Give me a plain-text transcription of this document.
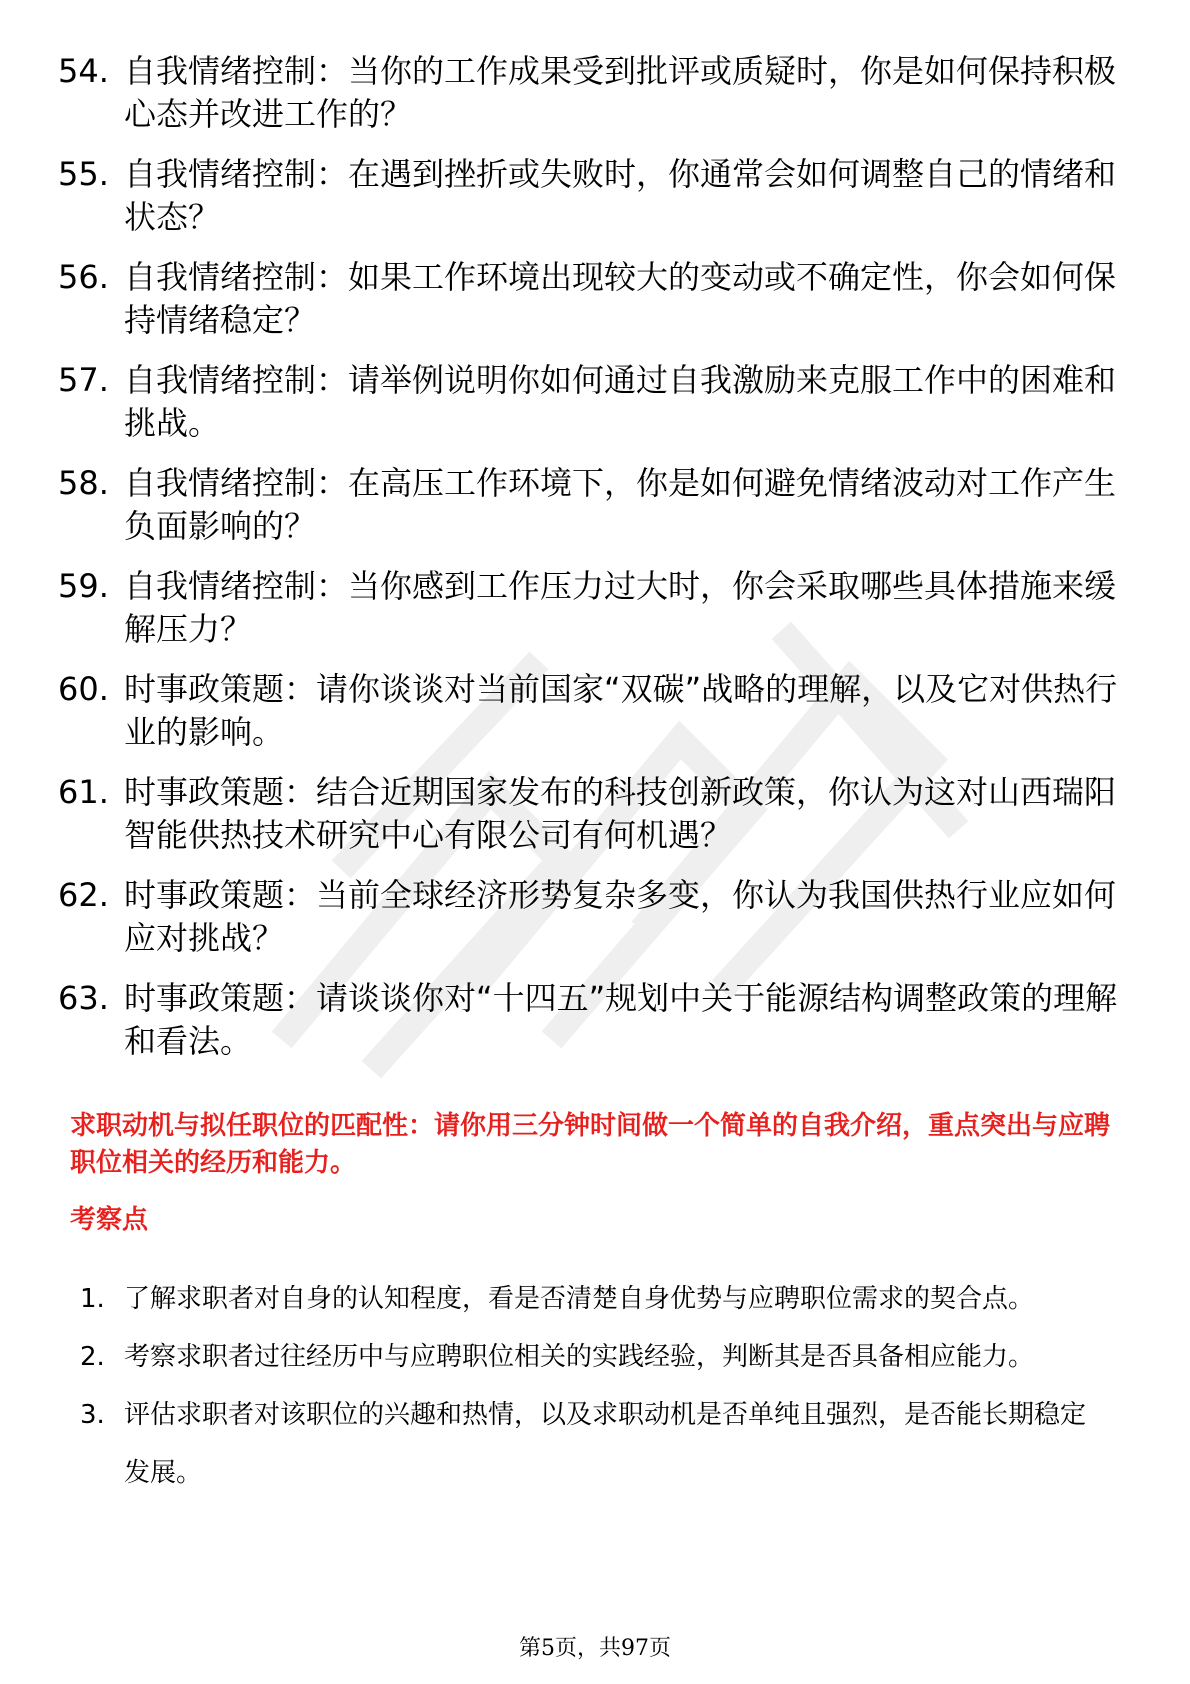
54. 自我情绪控制：当你的工作成果受到批评或质疑时，你是如何保持积极心态并改进工作的？
55. 自我情绪控制：在遇到挫折或失败时，你通常会如何调整自己的情绪和状态？
56. 自我情绪控制：如果工作环境出现较大的变动或不确定性，你会如何保持情绪稳定？
57. 自我情绪控制：请举例说明你如何通过自我激励来克服工作中的困难和挑战。
58. 自我情绪控制：在高压工作环境下，你是如何避免情绪波动对工作产生负面影响的？
59. 自我情绪控制：当你感到工作压力过大时，你会采取哪些具体措施来缓解压力？
60. 时事政策题：请你谈谈对当前国家“双碳”战略的理解，以及它对供热行业的影响。
61. 时事政策题：结合近期国家发布的科技创新政策，你认为这对山西瑞阳智能供热技术研究中心有限公司有何机遇？
62. 时事政策题：当前全球经济形势复杂多变，你认为我国供热行业应如何应对挑战？
63. 时事政策题：请谈谈你对“十四五”规划中关于能源结构调整政策的理解和看法。

求职动机与拟任职位的匹配性：请你用三分钟时间做一个简单的自我介绍，重点突出与应聘职位相关的经历和能力。

考察点

1. 了解求职者对自身的认知程度，看是否清楚自身优势与应聘职位需求的契合点。
2. 考察求职者过往经历中与应聘职位相关的实践经验，判断其是否具备相应能力。
3. 评估求职者对该职位的兴趣和热情，以及求职动机是否单纯且强烈，是否能长期稳定发展。
第5页，共97页
